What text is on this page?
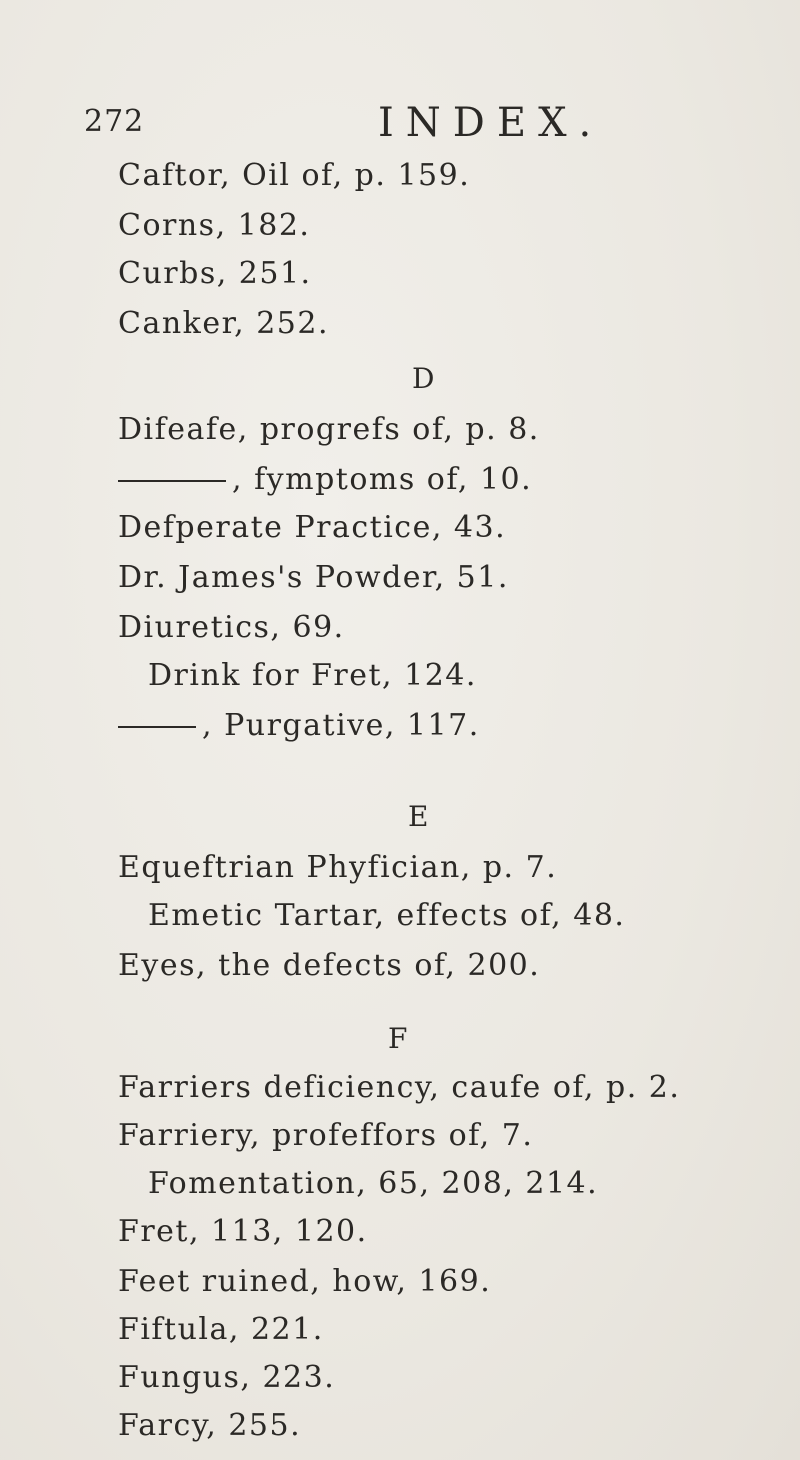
272	INDEX.
Caftor, Oil of, p. 159.
Corns, 182.
Curbs, 251.
Canker, 252.
D
Difeafe, progrefs of, p. 8.
, fymptoms of, 10.
Defperate Practice, 43.
Dr. James's Powder, 51.
Diuretics, 69.
Drink for Fret, 124.
, Purgative, 117.
E
Equeftrian Phyfician, p. 7.
Emetic Tartar, effects of, 48.
Eyes, the defects of, 200.
F
Farriers deficiency, caufe of, p. 2.
Farriery, profeffors of, 7.
Fomentation, 65, 208, 214.
Fret, 113, 120.
Feet ruined, how, 169.
Fiftula, 221.
Fungus, 223.
Farcy, 255.
